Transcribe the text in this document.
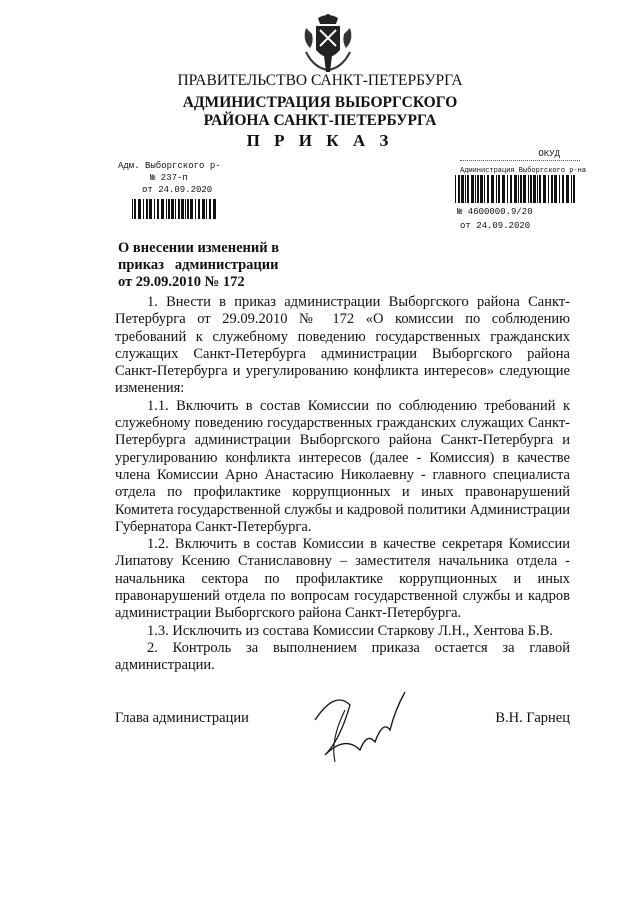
ПРАВИТЕЛЬСТВО САНКТ-ПЕТЕРБУРГА
АДМИНИСТРАЦИЯ ВЫБОРГСКОГО
РАЙОНА САНКТ-ПЕТЕРБУРГА
П Р И К А З
Адм. Выборгского р-
№ 237-п
от 24.09.2020
ОКУД
Администрация Выборгского р-на
№ 4600000.9/20
от 24.09.2020
О внесении изменений в
приказ   администрации
от 29.09.2010 № 172

1. Внести в приказ администрации Выборгского района Санкт-Петербурга от 29.09.2010 № 172 «О комиссии по соблюдению требований к служебному поведению государственных гражданских служащих Санкт-Петербурга администрации Выборгского района Санкт-Петербурга и урегулированию конфликта интересов» следующие изменения:

1.1. Включить в состав Комиссии по соблюдению требований к служебному поведению государственных гражданских служащих Санкт-Петербурга администрации Выборгского района Санкт-Петербурга и урегулированию конфликта интересов (далее - Комиссия) в качестве члена Комиссии Арно Анастасию Николаевну - главного специалиста отдела по профилактике коррупционных и иных правонарушений Комитета государственной службы и кадровой политики Администрации Губернатора Санкт-Петербурга.

1.2. Включить в состав Комиссии в качестве секретаря Комиссии Липатову Ксению Станиславовну – заместителя начальника отдела - начальника сектора по профилактике коррупционных и иных правонарушений отдела по вопросам государственной службы и кадров администрации Выборгского района Санкт-Петербурга.

1.3. Исключить из состава Комиссии Старкову Л.Н., Хентова Б.В.

2. Контроль за выполнением приказа остается за главой администрации.

Глава администрации	В.Н. Гарнец
